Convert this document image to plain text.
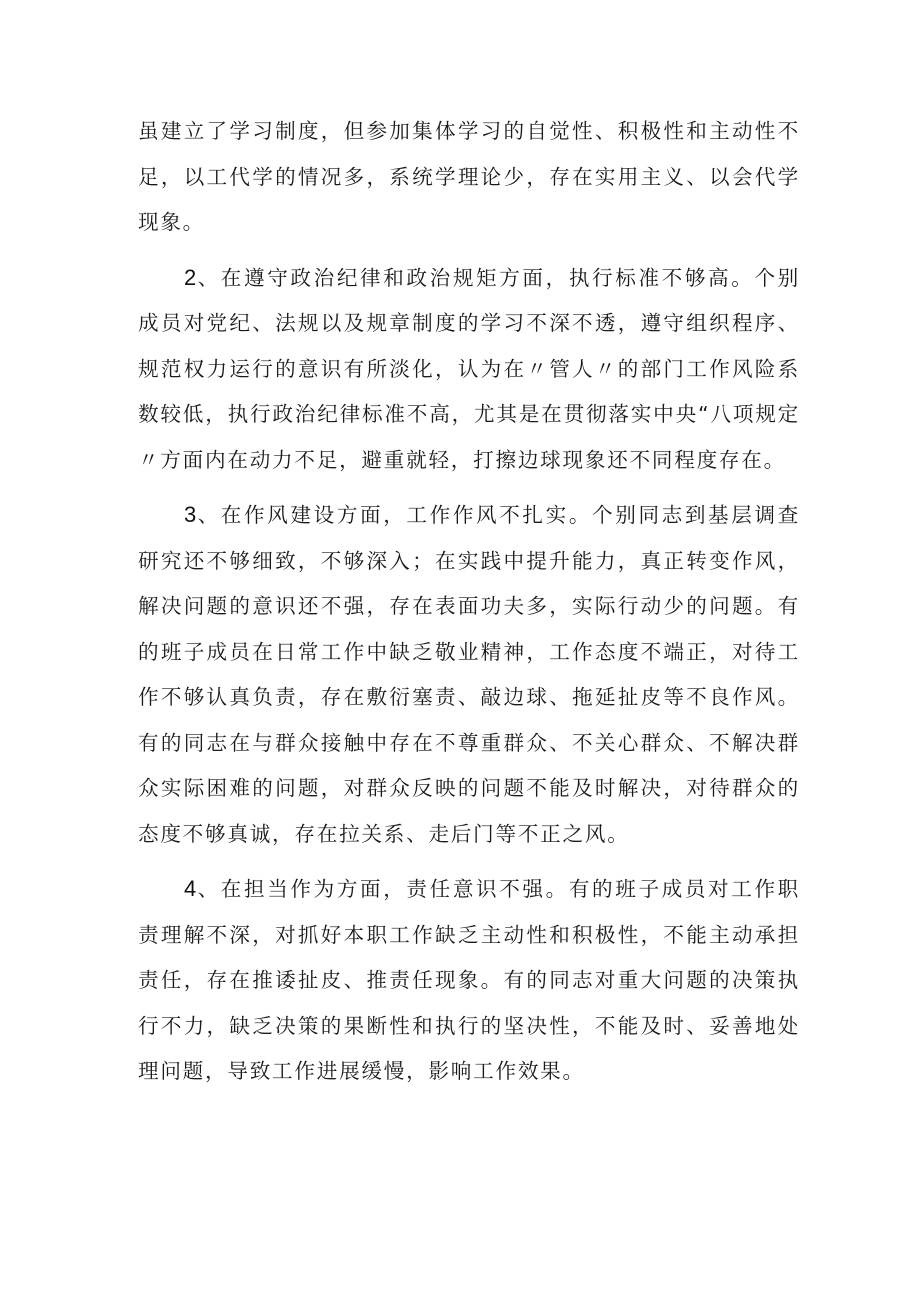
虽建立了学习制度，但参加集体学习的自觉性、积极性和主动性不足，以工代学的情况多，系统学理论少，存在实用主义、以会代学现象。

2、在遵守政治纪律和政治规矩方面，执行标准不够高。个别成员对党纪、法规以及规章制度的学习不深不透，遵守组织程序、规范权力运行的意识有所淡化，认为在〃管人〃的部门工作风险系数较低，执行政治纪律标准不高，尤其是在贯彻落实中央“八项规定〃方面内在动力不足，避重就轻，打擦边球现象还不同程度存在。

3、在作风建设方面，工作作风不扎实。个别同志到基层调查研究还不够细致，不够深入；在实践中提升能力，真正转变作风，解决问题的意识还不强，存在表面功夫多，实际行动少的问题。有的班子成员在日常工作中缺乏敬业精神，工作态度不端正，对待工作不够认真负责，存在敷衍塞责、敲边球、拖延扯皮等不良作风。有的同志在与群众接触中存在不尊重群众、不关心群众、不解决群众实际困难的问题，对群众反映的问题不能及时解决，对待群众的态度不够真诚，存在拉关系、走后门等不正之风。

4、在担当作为方面，责任意识不强。有的班子成员对工作职责理解不深，对抓好本职工作缺乏主动性和积极性，不能主动承担责任，存在推诿扯皮、推责任现象。有的同志对重大问题的决策执行不力，缺乏决策的果断性和执行的坚决性，不能及时、妥善地处理问题，导致工作进展缓慢，影响工作效果。
